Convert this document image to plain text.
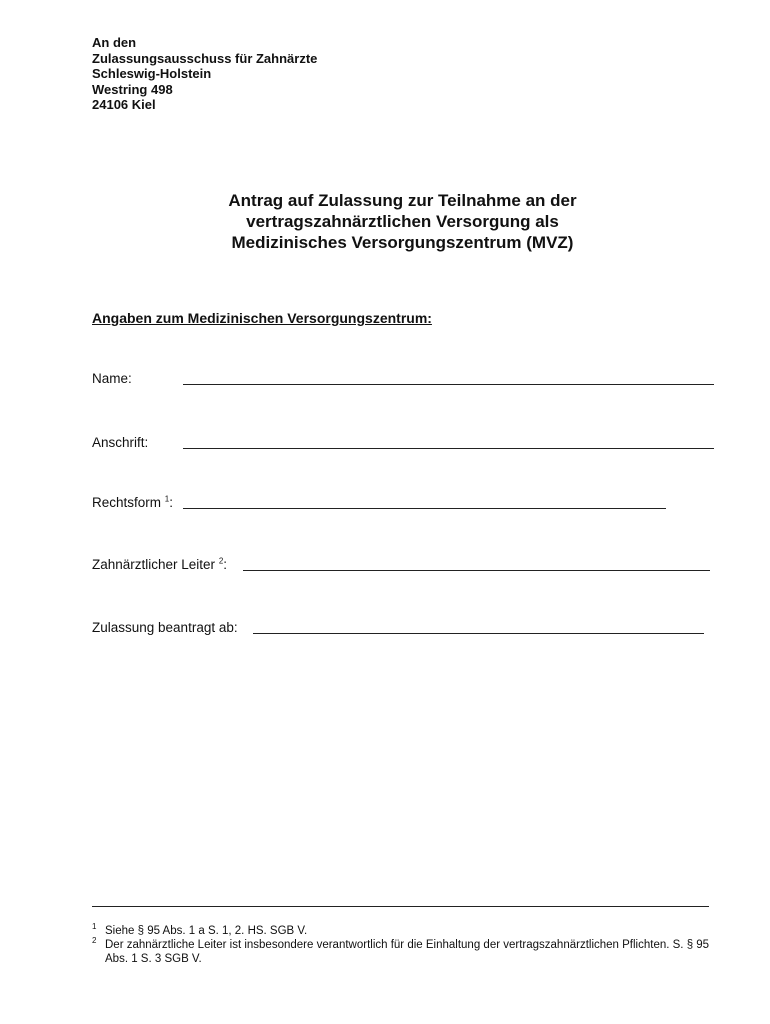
An den
Zulassungsausschuss für Zahnärzte
Schleswig-Holstein
Westring 498
24106 Kiel
Antrag auf Zulassung zur Teilnahme an der
vertragszahnärztlichen Versorgung als
Medizinisches Versorgungszentrum (MVZ)
Angaben zum Medizinischen Versorgungszentrum:
Name:
Anschrift:
Rechtsform $^1$:
Zahnärztlicher Leiter $^2$:
Zulassung beantragt ab:
1 Siehe § 95 Abs. 1 a S. 1, 2. HS. SGB V.
2 Der zahnärztliche Leiter ist insbesondere verantwortlich für die Einhaltung der vertragszahnärztlichen Pflichten. S. § 95 Abs. 1 S. 3 SGB V.
